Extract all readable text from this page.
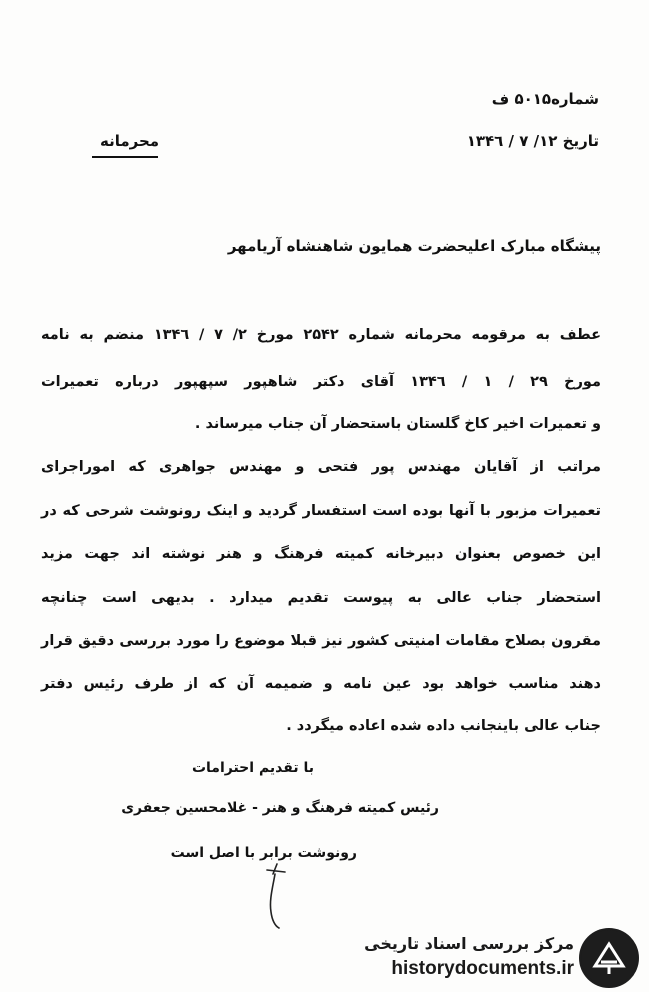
شماره۵۰۱۵ ف
تاریخ ۱۲/ ۷ / ۱۳۴٦
محرمانه
پیشگاه مبارک اعلیحضرت همایون شاهنشاه آریامهر
عطف به مرقومه محرمانه شماره ۲۵۴۲ مورخ ۲/ ۷ / ۱۳۴٦ منضم به نامه
مورخ ۲۹ / ۱ / ۱۳۴٦ آقای دکتر شاهپور سپهپور درباره تعمیرات
و تعمیرات اخیر کاخ گلستان باستحضار آن جناب میرساند .
مراتب از آقایان مهندس پور فتحی و مهندس جواهری که اموراجرای
تعمیرات مزبور با آنها بوده است استفسار گردید و اینک رونوشت شرحی که در
این خصوص بعنوان دبیرخانه کمیته فرهنگ و هنر نوشته اند جهت مزید
استحضار جناب عالی به پیوست تقدیم میدارد . بدیهی است چنانچه
مقرون بصلاح مقامات امنیتی کشور نیز قبلا موضوع را مورد بررسی دقیق قرار
دهند مناسب خواهد بود عین نامه و ضمیمه آن که از طرف رئیس دفتر
جناب عالی باینجانب داده شده اعاده میگردد .
با تقدیم احترامات
رئیس کمیته فرهنگ و هنر - غلامحسین جعفری
رونوشت برابر با اصل است
مرکز بررسی اسناد تاریخی
historydocuments.ir
